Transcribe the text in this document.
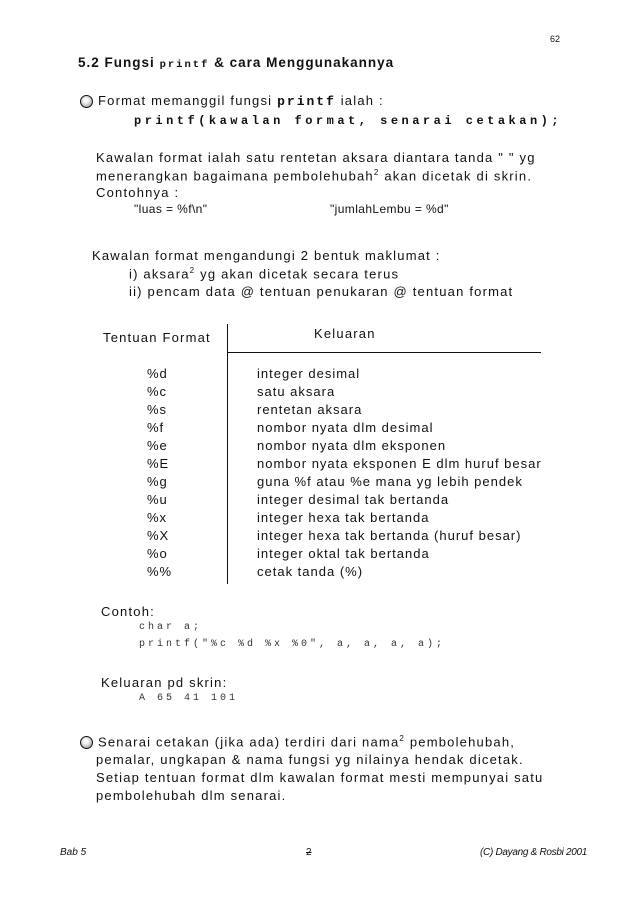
62
5.2 Fungsi printf & cara Menggunakannya
Format memanggil fungsi printf ialah :
printf(kawalan format, senarai cetakan);
Kawalan format ialah satu rentetan aksara diantara tanda " " yg
menerangkan bagaimana pembolehubah$^2$ akan dicetak di skrin.
Contohnya :
"luas = %f\n"	"jumlahLembu = %d"
Kawalan format mengandungi 2 bentuk maklumat :
i) aksara$^2$ yg akan dicetak secara terus
ii) pencam data @ tentuan penukaran @ tentuan format
Tentuan Format	Keluaran
%d	integer desimal
%c	satu aksara
%s	rentetan aksara
%f	nombor nyata dlm desimal
%e	nombor nyata dlm eksponen
%E	nombor nyata eksponen E dlm huruf besar
%g	guna %f atau %e mana yg lebih pendek
%u	integer desimal tak bertanda
%x	integer hexa tak bertanda
%X	integer hexa tak bertanda (huruf besar)
%o	integer oktal tak bertanda
%%	cetak tanda (%)
Contoh:
char a;
printf("%c %d %x %0", a, a, a, a);
Keluaran pd skrin:
A 65 41 101
Senarai cetakan (jika ada) terdiri dari nama$^2$ pembolehubah,
pemalar, ungkapan & nama fungsi yg nilainya hendak dicetak.
Setiap tentuan format dlm kawalan format mesti mempunyai satu
pembolehubah dlm senarai.
Bab 5	2	(C) Dayang & Rosbi 2001
